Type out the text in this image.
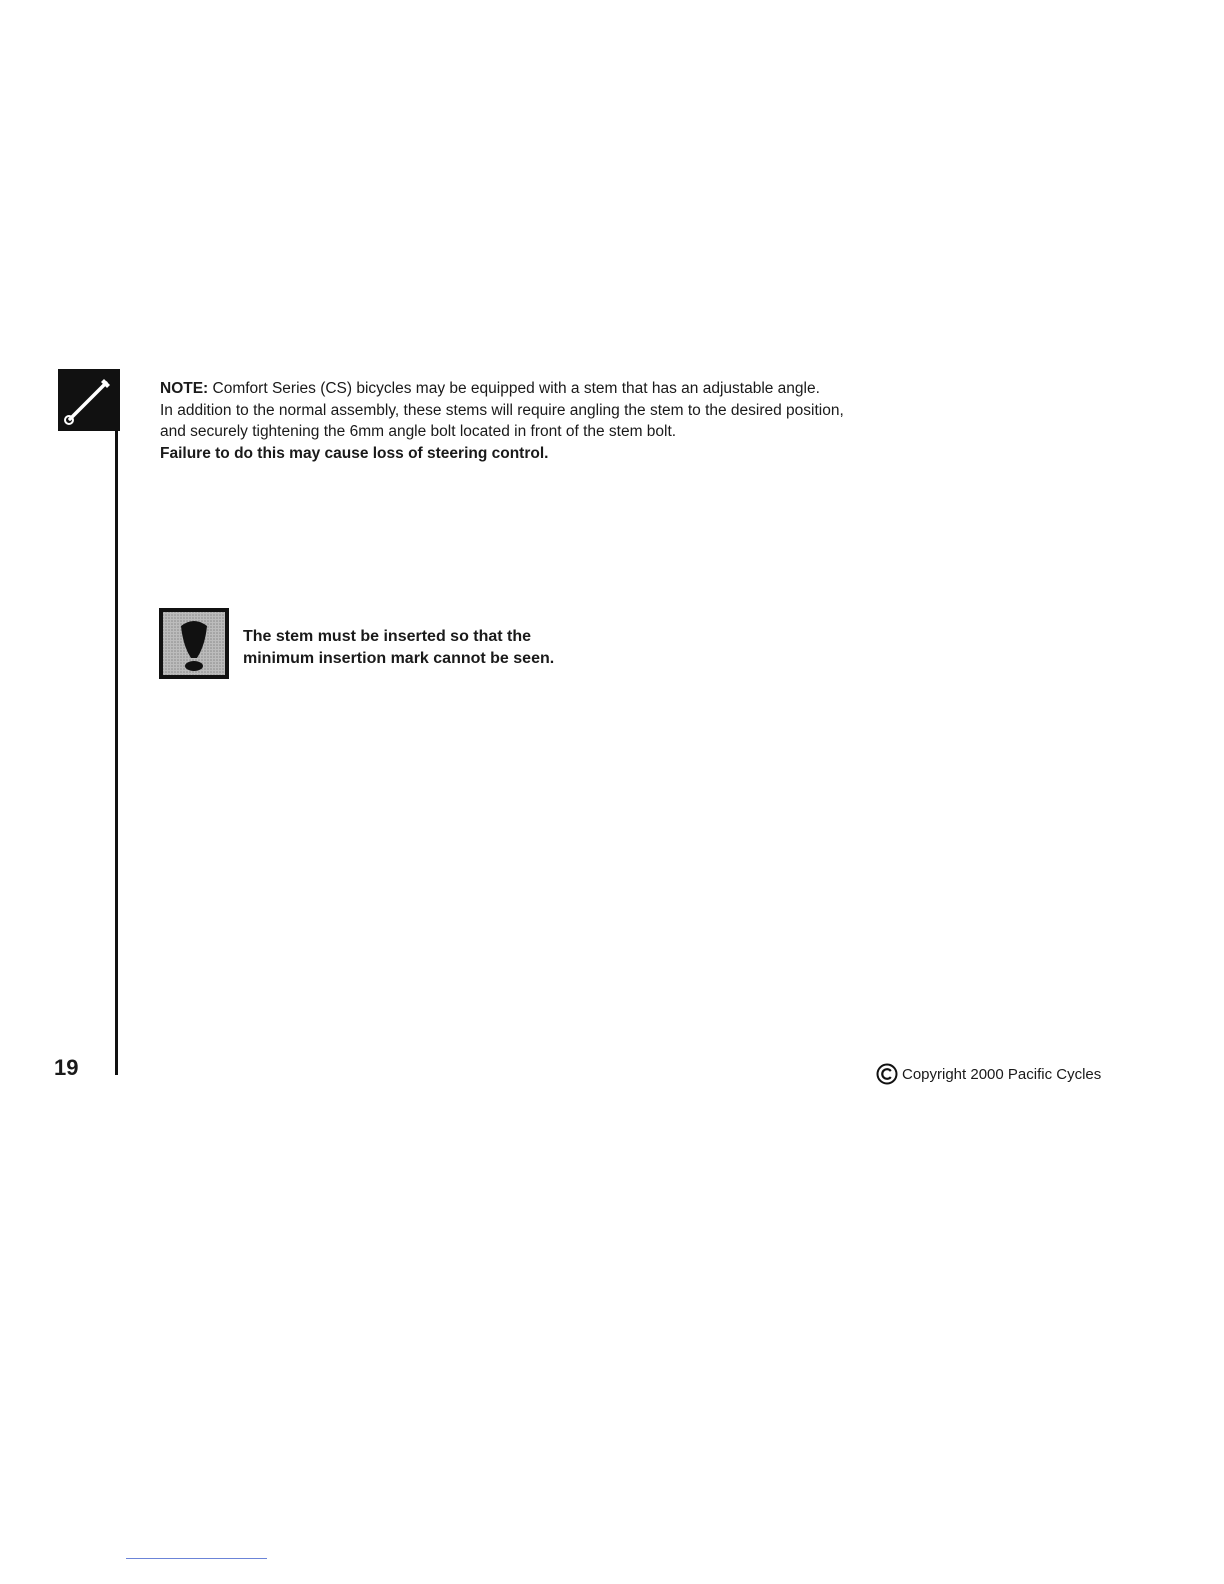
NOTE: Comfort Series (CS) bicycles may be equipped with a stem that has an adjustable angle.

In addition to the normal assembly, these stems will require angling the stem to the desired position,

and securely tightening the 6mm angle bolt located in front of the stem bolt.

Failure to do this may cause loss of steering control.

The stem must be inserted so that the

minimum insertion mark cannot be seen.

19	Copyright 2000 Pacific Cycles
